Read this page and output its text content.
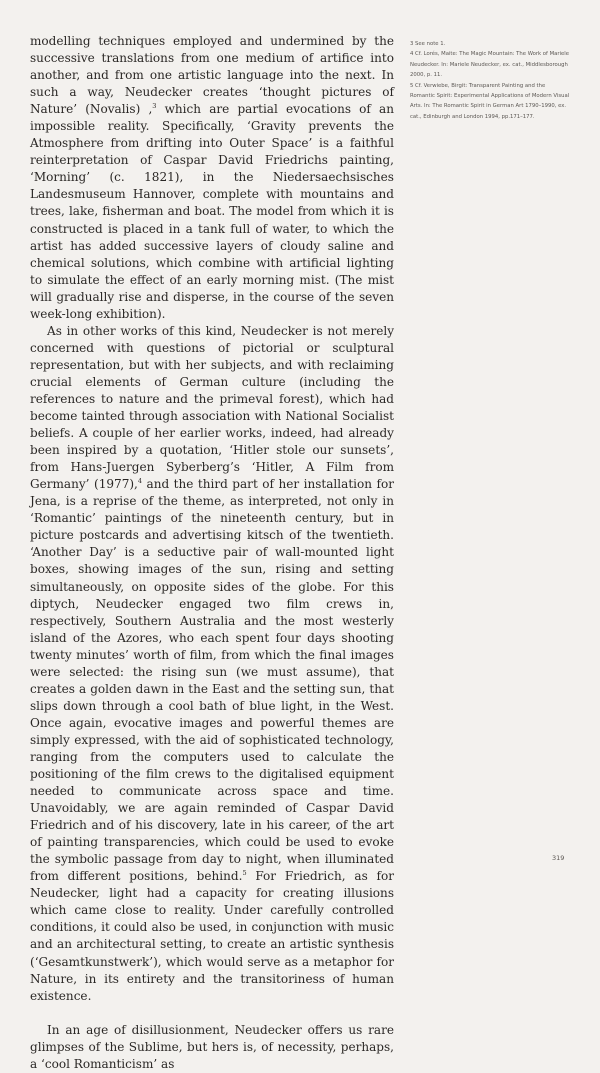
modelling techniques employed and undermined by the successive translations from one medium of artifice into another, and from one artistic language into the next. In such a way, Neudecker creates ‘thought pictures of Nature’ (Novalis) ,$^3$ which are partial evocations of an impossible reality. Specifically, ‘Gravity prevents the Atmosphere from drifting into Outer Space’ is a faithful reinterpretation of Caspar David Friedrichs painting, ‘Morning’ (c. 1821), in the Niedersaechsisches Landesmuseum Hannover, complete with mountains and trees, lake, fisherman and boat. The model from which it is constructed is placed in a tank full of water, to which the artist has added successive layers of cloudy saline and chemical solutions, which combine with artificial lighting to simulate the effect of an early morning mist. (The mist will gradually rise and disperse, in the course of the seven week-long exhibition).

As in other works of this kind, Neudecker is not merely concerned with questions of pictorial or sculptural representation, but with her subjects, and with reclaiming crucial elements of German culture (including the references to nature and the primeval forest), which had become tainted through association with National Socialist beliefs. A couple of her earlier works, indeed, had already been inspired by a quotation, ‘Hitler stole our sunsets’, from Hans-Juergen Syberberg’s ‘Hitler, A Film from Germany’ (1977),$^4$ and the third part of her installation for Jena, is a reprise of the theme, as interpreted, not only in ‘Romantic’ paintings of the nineteenth century, but in picture postcards and advertising kitsch of the twentieth. ‘Another Day’ is a seductive pair of wall-mounted light boxes, showing images of the sun, rising and setting simultaneously, on opposite sides of the globe. For this diptych, Neudecker engaged two film crews in, respectively, Southern Australia and the most westerly island of the Azores, who each spent four days shooting twenty minutes’ worth of film, from which the final images were selected: the rising sun (we must assume), that creates a golden dawn in the East and the setting sun, that slips down through a cool bath of blue light, in the West. Once again, evocative images and powerful themes are simply expressed, with the aid of sophisticated technology, ranging from the computers used to calculate the positioning of the film crews to the digitalised equipment needed to communicate across space and time. Unavoidably, we are again reminded of Caspar David Friedrich and of his discovery, late in his career, of the art of painting transparencies, which could be used to evoke the symbolic passage from day to night, when illuminated from different positions, behind.$^5$ For Friedrich, as for Neudecker, light had a capacity for creating illusions which came close to reality. Under carefully controlled conditions, it could also be used, in conjunction with music and an architectural setting, to create an artistic synthesis (‘Gesamtkunstwerk’), which would serve as a metaphor for Nature, in its entirety and the transitoriness of human existence.

In an age of disillusionment, Neudecker offers us rare glimpses of the Sublime, but hers is, of necessity, perhaps, a ‘cool Romanticism’ as

3 See note 1.

4 Cf. Lorés, Maite: The Magic Mountain: The Work of Mariele Neudecker. In: Mariele Neudecker, ex. cat., Middlesborough 2000, p. 11.

5 Cf. Verwiebe, Birgit: Transparent Painting and the Romantic Spirit: Experimental Applications of Modern Visual Arts. In: The Romantic Spirit in German Art 1790–1990, ex. cat., Edinburgh and London 1994, pp.171–177.

319
